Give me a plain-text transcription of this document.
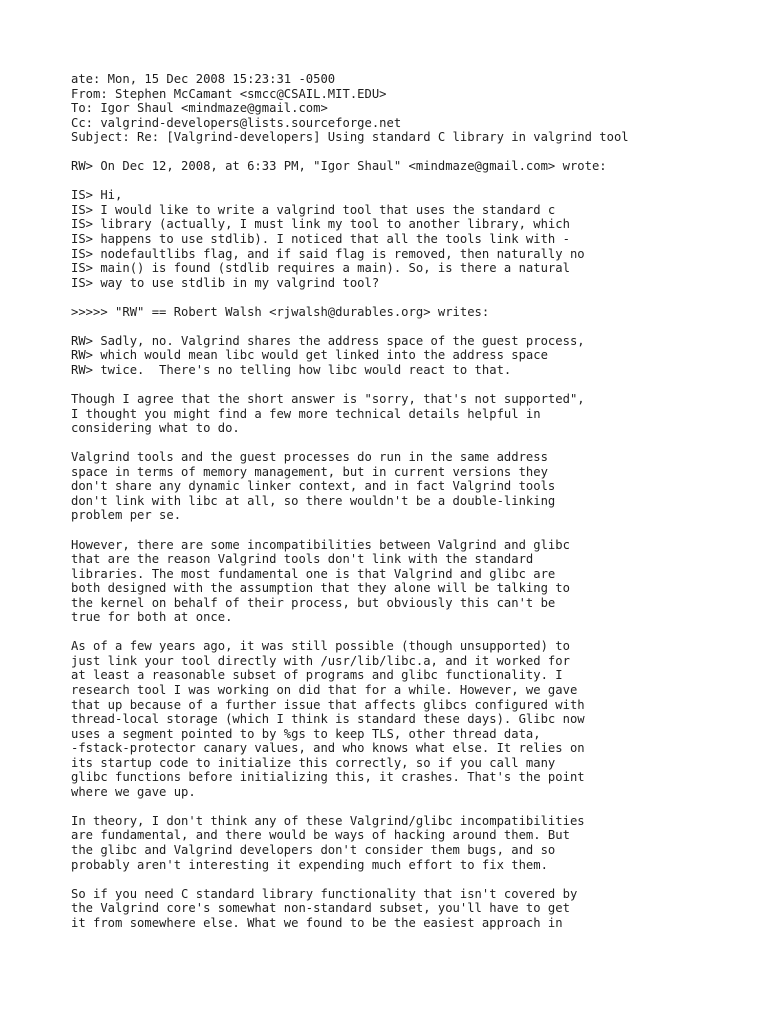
ate: Mon, 15 Dec 2008 15:23:31 -0500
From: Stephen McCamant <smcc@CSAIL.MIT.EDU>
To: Igor Shaul <mindmaze@gmail.com>
Cc: valgrind-developers@lists.sourceforge.net
Subject: Re: [Valgrind-developers] Using standard C library in valgrind tool
RW> On Dec 12, 2008, at 6:33 PM, "Igor Shaul" <mindmaze@gmail.com> wrote:
IS> Hi,
IS> I would like to write a valgrind tool that uses the standard c
IS> library (actually, I must link my tool to another library, which
IS> happens to use stdlib). I noticed that all the tools link with -
IS> nodefaultlibs flag, and if said flag is removed, then naturally no
IS> main() is found (stdlib requires a main). So, is there a natural
IS> way to use stdlib in my valgrind tool?
>>>>> "RW" == Robert Walsh <rjwalsh@durables.org> writes:
RW> Sadly, no. Valgrind shares the address space of the guest process,
RW> which would mean libc would get linked into the address space
RW> twice.  There's no telling how libc would react to that.
Though I agree that the short answer is "sorry, that's not supported",
I thought you might find a few more technical details helpful in
considering what to do.
Valgrind tools and the guest processes do run in the same address
space in terms of memory management, but in current versions they
don't share any dynamic linker context, and in fact Valgrind tools
don't link with libc at all, so there wouldn't be a double-linking
problem per se.
However, there are some incompatibilities between Valgrind and glibc
that are the reason Valgrind tools don't link with the standard
libraries. The most fundamental one is that Valgrind and glibc are
both designed with the assumption that they alone will be talking to
the kernel on behalf of their process, but obviously this can't be
true for both at once.
As of a few years ago, it was still possible (though unsupported) to
just link your tool directly with /usr/lib/libc.a, and it worked for
at least a reasonable subset of programs and glibc functionality. I
research tool I was working on did that for a while. However, we gave
that up because of a further issue that affects glibcs configured with
thread-local storage (which I think is standard these days). Glibc now
uses a segment pointed to by %gs to keep TLS, other thread data,
-fstack-protector canary values, and who knows what else. It relies on
its startup code to initialize this correctly, so if you call many
glibc functions before initializing this, it crashes. That's the point
where we gave up.
In theory, I don't think any of these Valgrind/glibc incompatibilities
are fundamental, and there would be ways of hacking around them. But
the glibc and Valgrind developers don't consider them bugs, and so
probably aren't interesting it expending much effort to fix them.
So if you need C standard library functionality that isn't covered by
the Valgrind core's somewhat non-standard subset, you'll have to get
it from somewhere else. What we found to be the easiest approach in
